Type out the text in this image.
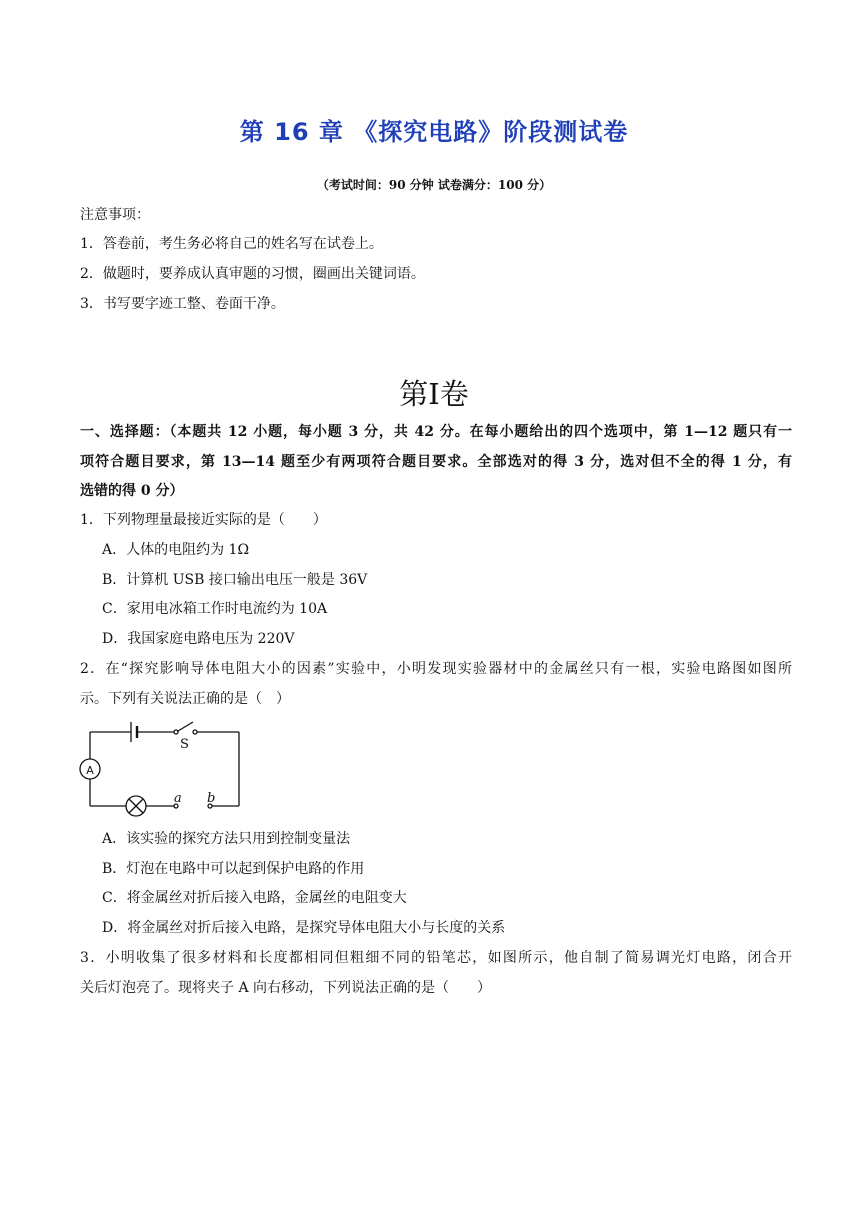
第 16 章 《探究电路》阶段测试卷
（考试时间：90 分钟 试卷满分：100 分）
注意事项：
1．答卷前，考生务必将自己的姓名写在试卷上。
2．做题时，要养成认真审题的习惯，圈画出关键词语。
3．书写要字迹工整、卷面干净。
第Ⅰ卷
一、选择题：（本题共 12 小题，每小题 3 分，共 42 分。在每小题给出的四个选项中，第 1—12 题只有一
项符合题目要求，第 13—14 题至少有两项符合题目要求。全部选对的得 3 分，选对但不全的得 1 分，有
选错的得 0 分）
1．下列物理量最接近实际的是（　　）
A．人体的电阻约为 1Ω
B．计算机 USB 接口输出电压一般是 36V
C．家用电冰箱工作时电流约为 10A
D．我国家庭电路电压为 220V
2．在“探究影响导体电阻大小的因素”实验中，小明发现实验器材中的金属丝只有一根，实验电路图如图所
示。下列有关说法正确的是（　）
S
A
a b
A．该实验的探究方法只用到控制变量法
B．灯泡在电路中可以起到保护电路的作用
C．将金属丝对折后接入电路，金属丝的电阻变大
D．将金属丝对折后接入电路，是探究导体电阻大小与长度的关系
3．小明收集了很多材料和长度都相同但粗细不同的铅笔芯，如图所示，他自制了简易调光灯电路，闭合开
关后灯泡亮了。现将夹子 A 向右移动，下列说法正确的是（　　）
